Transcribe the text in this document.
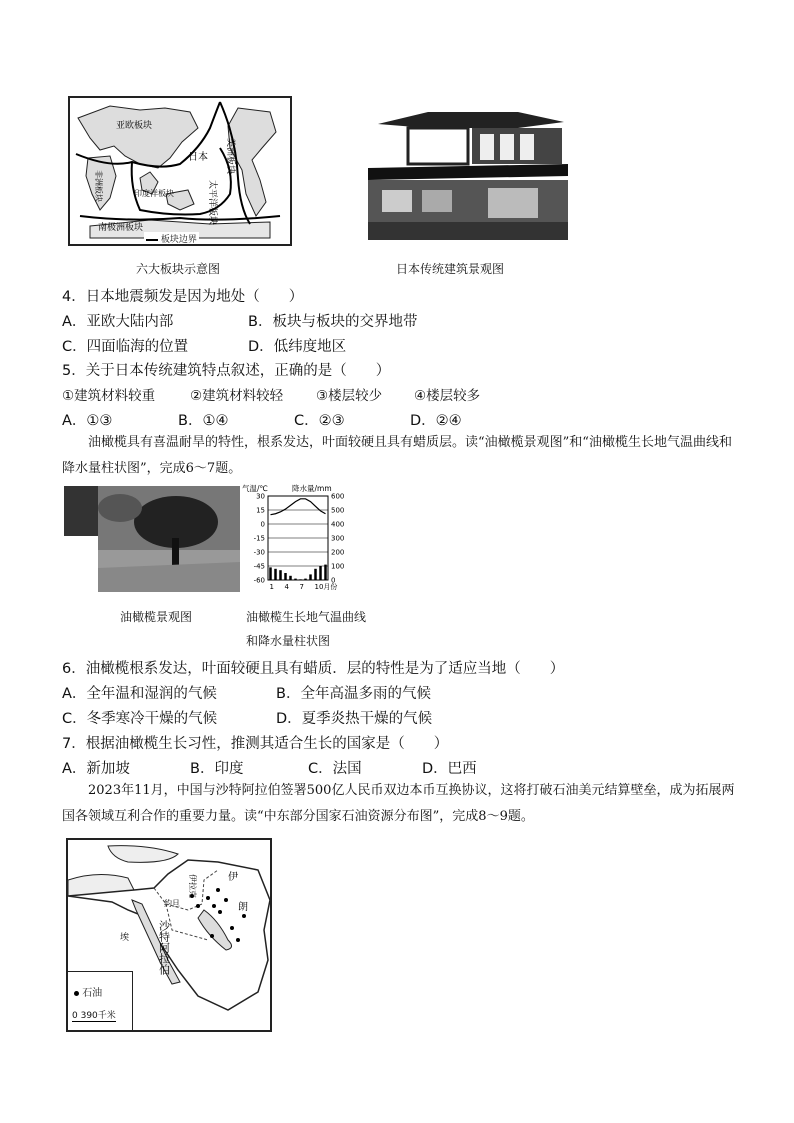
亚欧板块
日本
太平洋板块
美洲板块
非洲板块	印度洋板块
南极洲板块
板块边界
六大板块示意图	日本传统建筑景观图
4．日本地震频发是因为地处（　　）
A．亚欧大陆内部	B．板块与板块的交界地带
C．四面临海的位置	D．低纬度地区
5．关于日本传统建筑特点叙述，正确的是（　　）
①建筑材料较重	②建筑材料较轻 ③楼层较少 ④楼层较多
A．①③	B．①④	C．②③	D．②④
油橄榄具有喜温耐旱的特性，根系发达，叶面较硬且具有蜡质层。读“油橄榄景观图”和“油橄榄生长地气温曲线和降水量柱状图”，完成6～7题。
油橄榄景观图
气温/℃	降水量/mm
30
15
0
-15
-30
-45
-60
600
500
400
300
200
100
0
1 4 7 10月份
油橄榄生长地气温曲线
和降水量柱状图
6．油橄榄根系发达，叶面较硬且具有蜡质．层的特性是为了适应当地（　　）
A．全年温和湿润的气候	B．全年高温多雨的气候
C．冬季寒冷干燥的气候	D．夏季炎热干燥的气候
7．根据油橄榄生长习性，推测其适合生长的国家是（　　）
A．新加坡	B．印度	C．法国	D．巴西
2023年11月，中国与沙特阿拉伯签署500亿人民币双边本币互换协议，这将打破石油美元结算壁垒，成为拓展两国各领域互利合作的重要力量。读“中东部分国家石油资源分布图”，完成8～9题。
伊
朗
伊拉克
约旦
埃	沙特阿拉伯
石油
0 390千米
